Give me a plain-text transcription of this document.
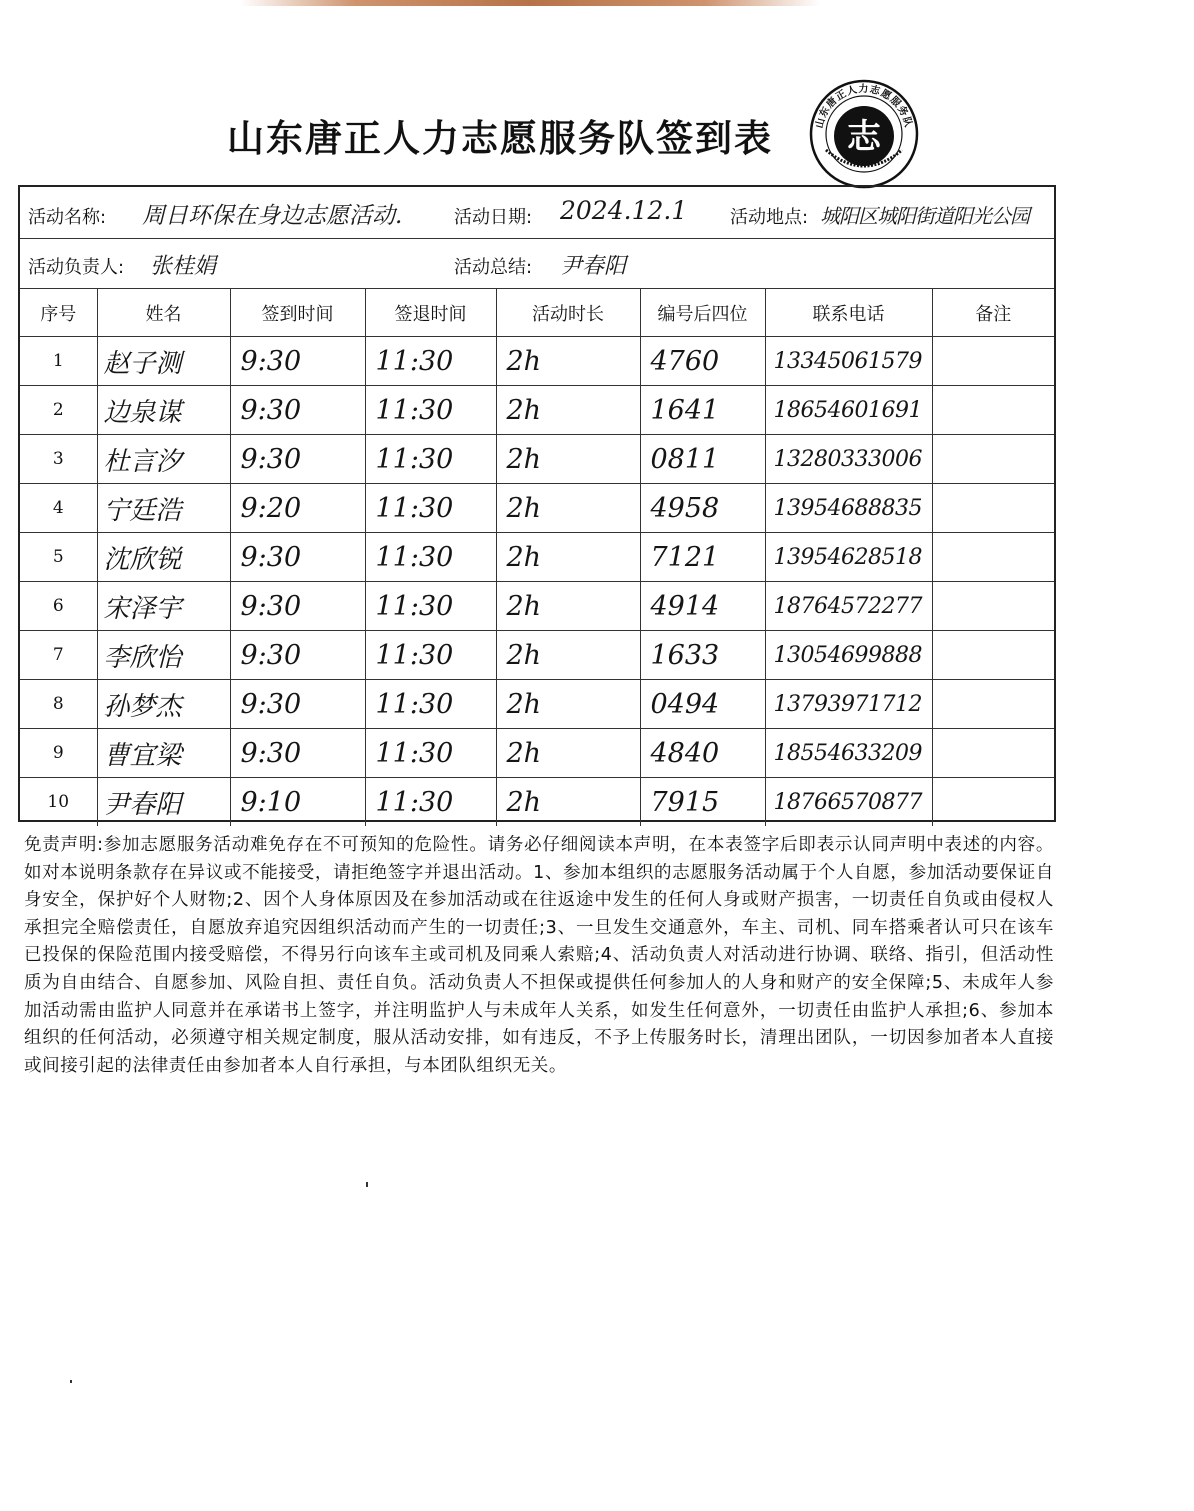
山东唐正人力志愿服务队签到表	山东唐正人力志愿服务队
志
活动名称: 周日环保在身边志愿活动.	活动日期: 2024.12.1 活动地点: 城阳区城阳街道阳光公园
活动负责人: 张桂娟	活动总结: 尹春阳
序号	姓名	签到时间	签退时间	活动时长	编号后四位	联系电话	备注
1	赵子测	9:30	11:30	2h	4760	13345061579	
2	边泉谋	9:30	11:30	2h	1641	18654601691	
3	杜言汐	9:30	11:30	2h	0811	13280333006	
4	宁廷浩	9:20	11:30	2h	4958	13954688835	
5	沈欣锐	9:30	11:30	2h	7121	13954628518	
6	宋泽宇	9:30	11:30	2h	4914	18764572277	
7	李欣怡	9:30	11:30	2h	1633	13054699888	
8	孙梦杰	9:30	11:30	2h	0494	13793971712	
9	曹宜梁	9:30	11:30	2h	4840	18554633209	
10	尹春阳	9:10	11:30	2h	7915	18766570877	
免责声明:参加志愿服务活动难免存在不可预知的危险性。请务必仔细阅读本声明，在本表签字后即表示认同声明中表述的内容。如对本说明条款存在异议或不能接受，请拒绝签字并退出活动。1、参加本组织的志愿服务活动属于个人自愿，参加活动要保证自身安全，保护好个人财物;2、因个人身体原因及在参加活动或在往返途中发生的任何人身或财产损害，一切责任自负或由侵权人承担完全赔偿责任，自愿放弃追究因组织活动而产生的一切责任;3、一旦发生交通意外，车主、司机、同车搭乘者认可只在该车已投保的保险范围内接受赔偿，不得另行向该车主或司机及同乘人索赔;4、活动负责人对活动进行协调、联络、指引，但活动性质为自由结合、自愿参加、风险自担、责任自负。活动负责人不担保或提供任何参加人的人身和财产的安全保障;5、未成年人参加活动需由监护人同意并在承诺书上签字，并注明监护人与未成年人关系，如发生任何意外，一切责任由监护人承担;6、参加本组织的任何活动，必须遵守相关规定制度，服从活动安排，如有违反，不予上传服务时长，清理出团队，一切因参加者本人直接或间接引起的法律责任由参加者本人自行承担，与本团队组织无关。
